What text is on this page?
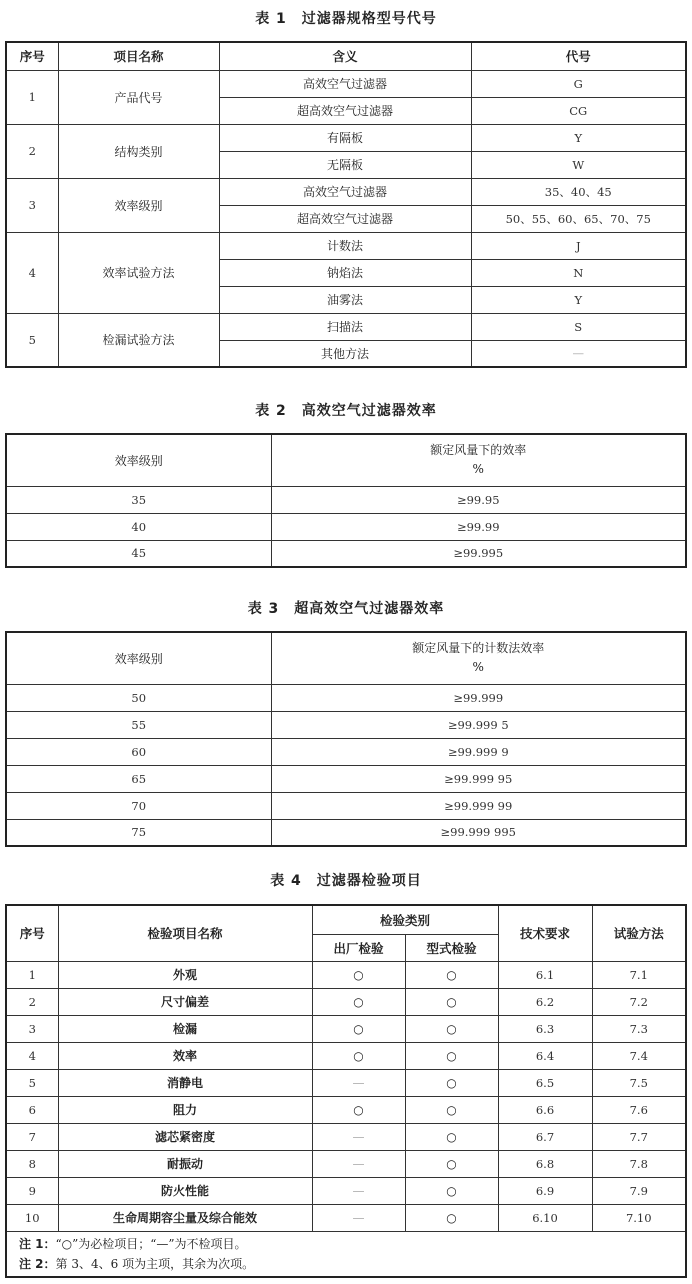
表 1　过滤器规格型号代号
序号	项目名称	含义	代号
1	产品代号	高效空气过滤器	G
		超高效空气过滤器	CG
2	结构类别	有隔板	Y
		无隔板	W
3	效率级别	高效空气过滤器	35、40、45
		超高效空气过滤器	50、55、60、65、70、75
4	效率试验方法	计数法	J
		钠焰法	N
		油雾法	Y
5	检漏试验方法	扫描法	S
		其他方法	—
表 2　高效空气过滤器效率
效率级别	额定风量下的效率
%

35	≥99.95
40	≥99.99
45	≥99.995
表 3　超高效空气过滤器效率
效率级别	额定风量下的计数法效率
%

50	≥99.999
55	≥99.999 5
60	≥99.999 9
65	≥99.999 95
70	≥99.999 99
75	≥99.999 995
表 4　过滤器检验项目
序号	检验项目名称	检验类别		技术要求	试验方法
		出厂检验	型式检验		
1	外观	○	○	6.1	7.1
2	尺寸偏差	○	○	6.2	7.2
3	检漏	○	○	6.3	7.3
4	效率	○	○	6.4	7.4
5	消静电	—	○	6.5	7.5
6	阻力	○	○	6.6	7.6
7	滤芯紧密度	—	○	6.7	7.7
8	耐振动	—	○	6.8	7.8
9	防火性能	—	○	6.9	7.9
10	生命周期容尘量及综合能效	—	○	6.10	7.10

注 1：“○”为必检项目；“—”为不检项目。
注 2：第 3、4、6 项为主项，其余为次项。					
